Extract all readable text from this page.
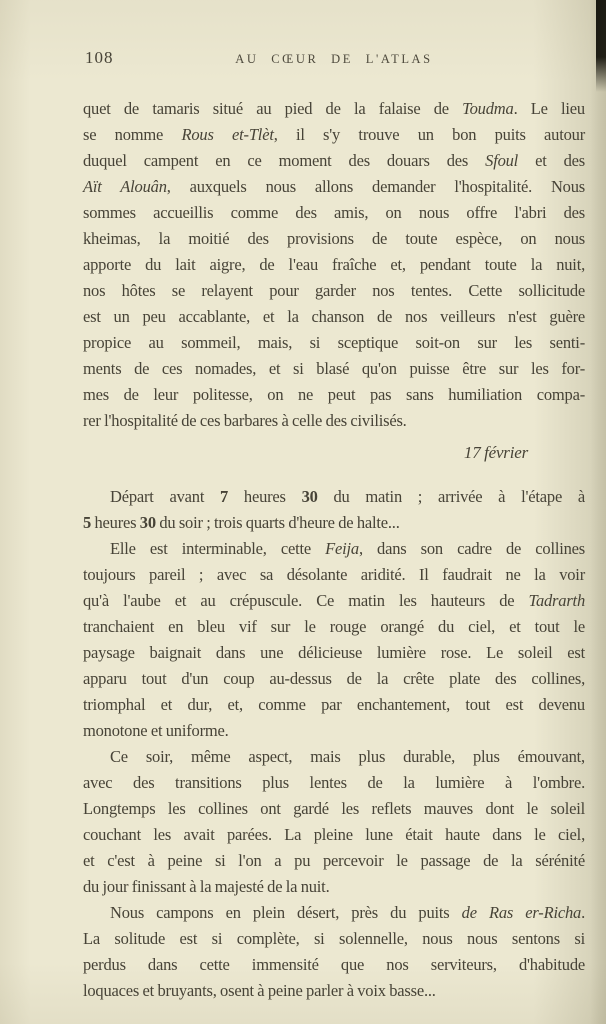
108	AU CŒUR DE L'ATLAS
quet de tamaris situé au pied de la falaise de Toudma. Le lieu
se nomme Rous et-Tlèt, il s'y trouve un bon puits autour
duquel campent en ce moment des douars des Sfoul et des
Aït Alouân, auxquels nous allons demander l'hospitalité. Nous
sommes accueillis comme des amis, on nous offre l'abri des
kheimas, la moitié des provisions de toute espèce, on nous
apporte du lait aigre, de l'eau fraîche et, pendant toute la nuit,
nos hôtes se relayent pour garder nos tentes. Cette sollicitude
est un peu accablante, et la chanson de nos veilleurs n'est guère
propice au sommeil, mais, si sceptique soit-on sur les senti-
ments de ces nomades, et si blasé qu'on puisse être sur les for-
mes de leur politesse, on ne peut pas sans humiliation compa-
rer l'hospitalité de ces barbares à celle des civilisés.
17 février
Départ avant 7 heures 30 du matin ; arrivée à l'étape à
5 heures 30 du soir ; trois quarts d'heure de halte...
Elle est interminable, cette Feija, dans son cadre de collines
toujours pareil ; avec sa désolante aridité. Il faudrait ne la voir
qu'à l'aube et au crépuscule. Ce matin les hauteurs de Tadrarth
tranchaient en bleu vif sur le rouge orangé du ciel, et tout le
paysage baignait dans une délicieuse lumière rose. Le soleil est
apparu tout d'un coup au-dessus de la crête plate des collines,
triomphal et dur, et, comme par enchantement, tout est devenu
monotone et uniforme.
Ce soir, même aspect, mais plus durable, plus émouvant,
avec des transitions plus lentes de la lumière à l'ombre.
Longtemps les collines ont gardé les reflets mauves dont le soleil
couchant les avait parées. La pleine lune était haute dans le ciel,
et c'est à peine si l'on a pu percevoir le passage de la sérénité
du jour finissant à la majesté de la nuit.
Nous campons en plein désert, près du puits de Ras er-Richa.
La solitude est si complète, si solennelle, nous nous sentons si
perdus dans cette immensité que nos serviteurs, d'habitude
loquaces et bruyants, osent à peine parler à voix basse...
